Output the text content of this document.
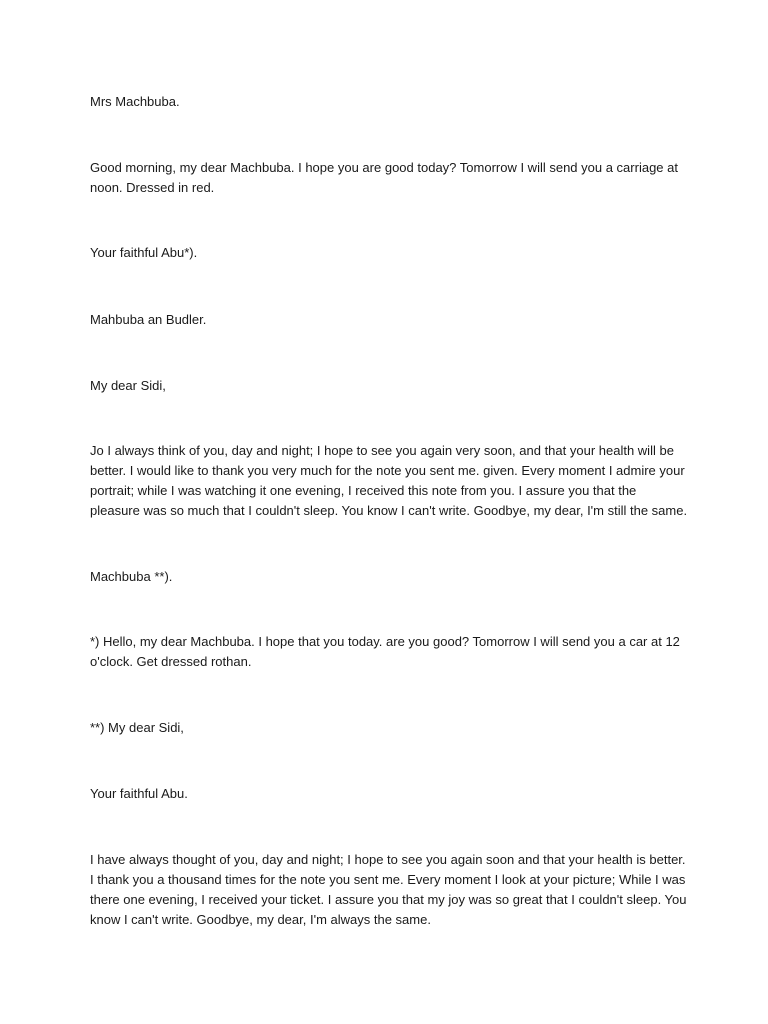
Mrs Machbuba.
Good morning, my dear Machbuba. I hope you are good today? Tomorrow I will send you a carriage at
noon. Dressed in red.
Your faithful Abu*).
Mahbuba an Budler.
My dear Sidi,
Jo I always think of you, day and night; I hope to see you again very soon, and that your health will be
better. I would like to thank you very much for the note you sent me. given. Every moment I admire your
portrait; while I was watching it one evening, I received this note from you. I assure you that the
pleasure was so much that I couldn't sleep. You know I can't write. Goodbye, my dear, I'm still the same.
Machbuba **).
*) Hello, my dear Machbuba. I hope that you today. are you good? Tomorrow I will send you a car at 12
o'clock. Get dressed rothan.
**) My dear Sidi,
Your faithful Abu.
I have always thought of you, day and night; I hope to see you again soon and that your health is better.
I thank you a thousand times for the note you sent me. Every moment I look at your picture; While I was
there one evening, I received your ticket. I assure you that my joy was so great that I couldn't sleep. You
know I can't write. Goodbye, my dear, I'm always the same.
